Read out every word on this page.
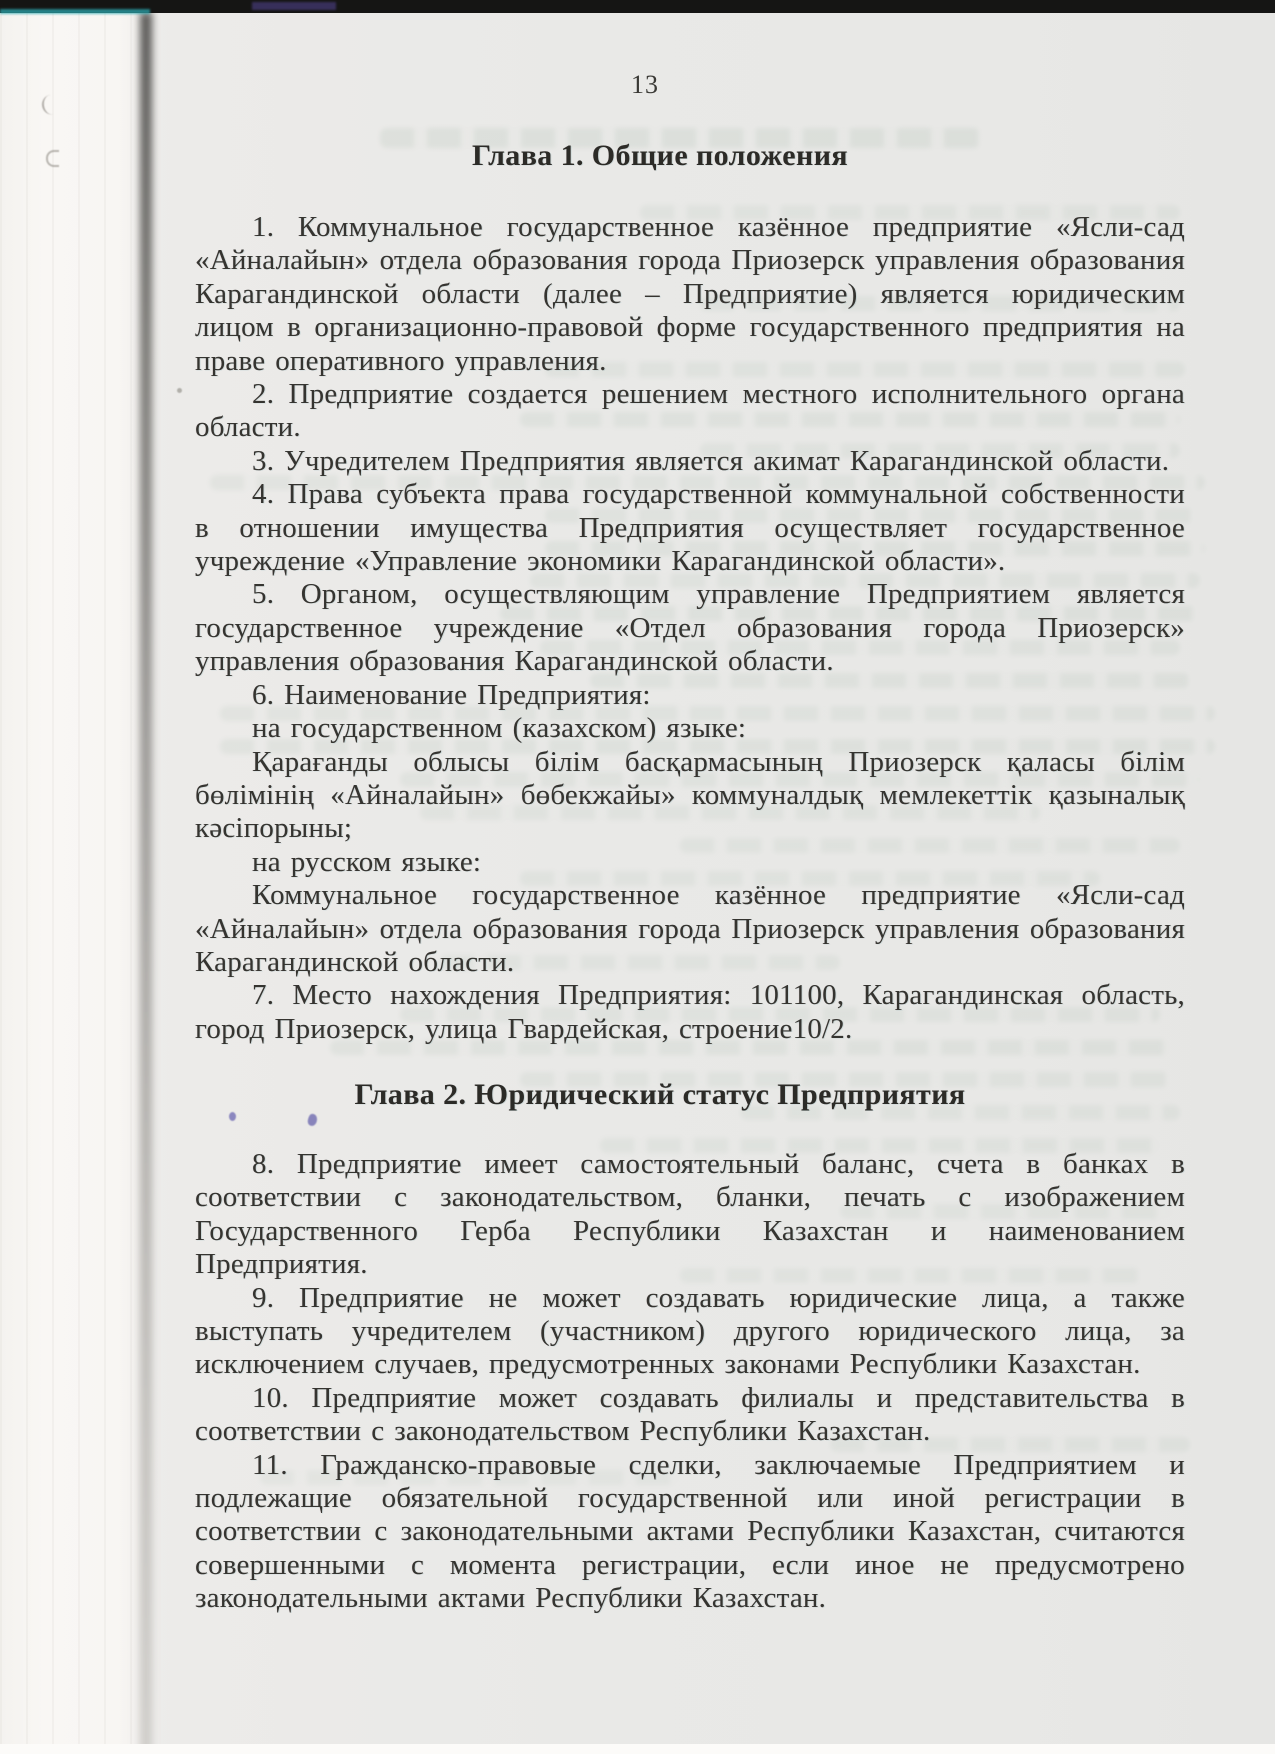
13
Глава 1. Общие положения

1. Коммунальное государственное казённое предприятие «Ясли-сад «Айналайын» отдела образования города Приозерск управления образования Карагандинской области (далее – Предприятие) является юридическим лицом в организационно-правовой форме государственного предприятия на праве оперативного управления.

2. Предприятие создается решением местного исполнительного органа области.

3. Учредителем Предприятия является акимат Карагандинской области.

4. Права субъекта права государственной коммунальной собственности в отношении имущества Предприятия осуществляет государственное учреждение «Управление экономики Карагандинской области».

5. Органом, осуществляющим управление Предприятием является государственное учреждение «Отдел образования города Приозерск» управления образования Карагандинской области.

6. Наименование Предприятия:

на государственном (казахском) языке:

Қарағанды облысы білім басқармасының Приозерск қаласы білім бөлімінің «Айналайын» бөбекжайы» коммуналдық мемлекеттік қазыналық кәсіпорыны;

на русском языке:

Коммунальное государственное казённое предприятие «Ясли-сад «Айналайын» отдела образования города Приозерск управления образования Карагандинской области.

7. Место нахождения Предприятия: 101100, Карагандинская область, город Приозерск, улица Гвардейская, строение10/2.

Глава 2. Юридический статус Предприятия

8. Предприятие имеет самостоятельный баланс, счета в банках в соответствии с законодательством, бланки, печать с изображением Государственного Герба Республики Казахстан и наименованием Предприятия.

9. Предприятие не может создавать юридические лица, а также выступать учредителем (участником) другого юридического лица, за исключением случаев, предусмотренных законами Республики Казахстан.

10. Предприятие может создавать филиалы и представительства в соответствии с законодательством Республики Казахстан.

11. Гражданско-правовые сделки, заключаемые Предприятием и подлежащие обязательной государственной или иной регистрации в соответствии с законодательными актами Республики Казахстан, считаются совершенными с момента регистрации, если иное не предусмотрено законодательными актами Республики Казахстан.
